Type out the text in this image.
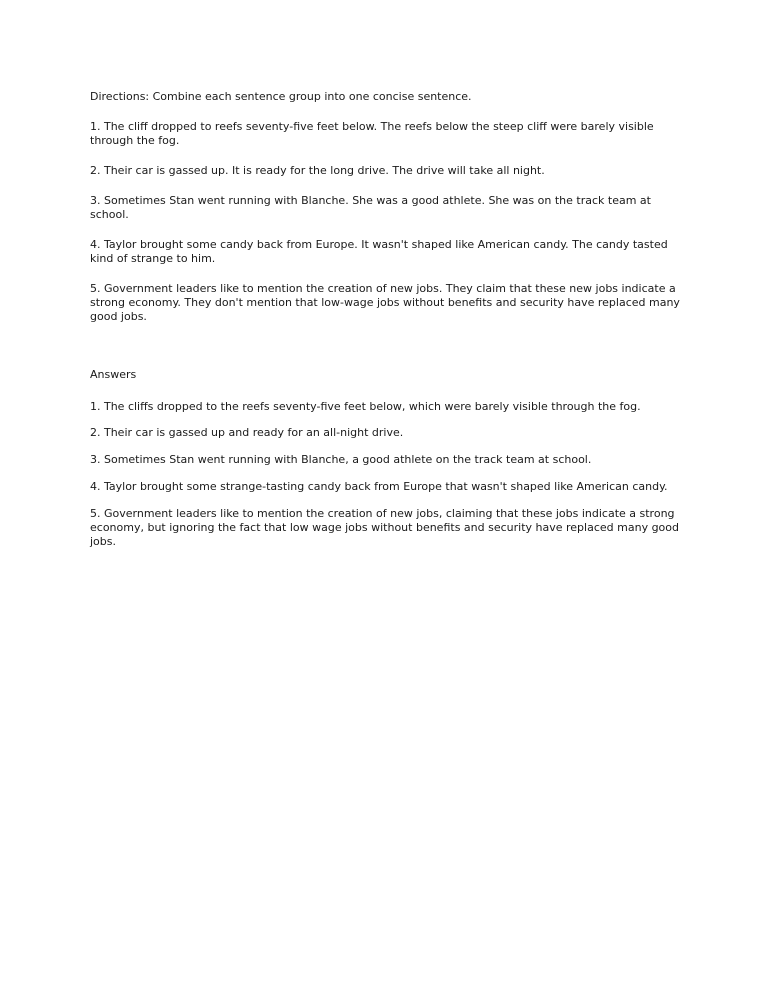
Directions: Combine each sentence group into one concise sentence.

1. The cliff dropped to reefs seventy-five feet below. The reefs below the steep cliff were barely visible through the fog.

2. Their car is gassed up. It is ready for the long drive. The drive will take all night.

3. Sometimes Stan went running with Blanche. She was a good athlete. She was on the track team at school.

4. Taylor brought some candy back from Europe. It wasn't shaped like American candy. The candy tasted kind of strange to him.

5. Government leaders like to mention the creation of new jobs. They claim that these new jobs indicate a strong economy. They don't mention that low-wage jobs without benefits and security have replaced many good jobs.

Answers

1. The cliffs dropped to the reefs seventy-five feet below, which were barely visible through the fog.

2. Their car is gassed up and ready for an all-night drive.

3. Sometimes Stan went running with Blanche, a good athlete on the track team at school.

4. Taylor brought some strange-tasting candy back from Europe that wasn't shaped like American candy.

5. Government leaders like to mention the creation of new jobs, claiming that these jobs indicate a strong economy, but ignoring the fact that low wage jobs without benefits and security have replaced many good jobs.
